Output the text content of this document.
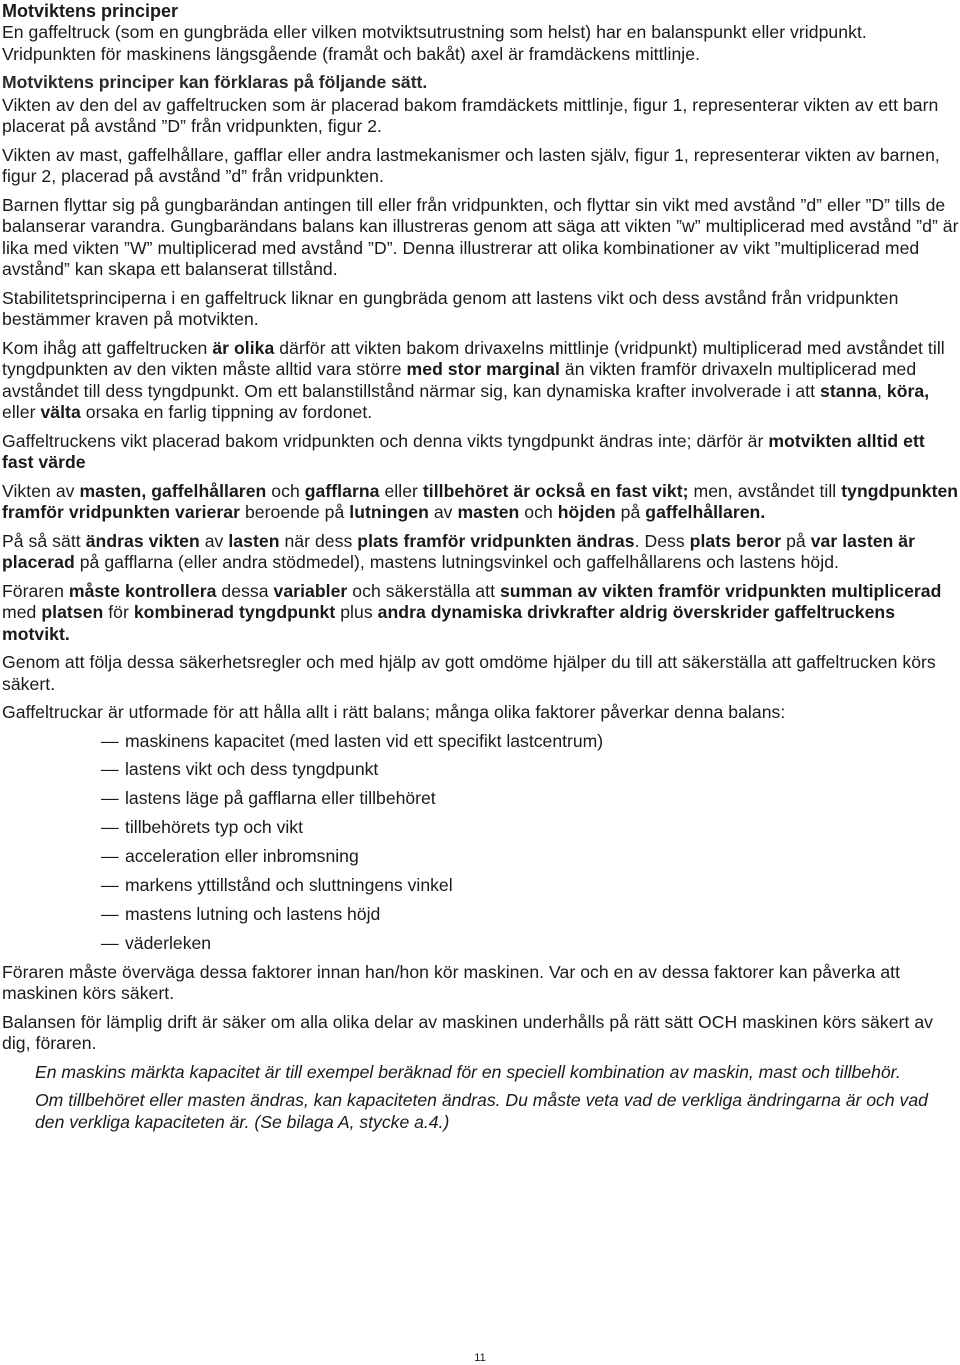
Motviktens principer

En gaffeltruck (som en gungbräda eller vilken motviktsutrustning som helst) har en balanspunkt eller vridpunkt. Vridpunkten för maskinens längsgående (framåt och bakåt) axel är framdäckens mittlinje.

Motviktens principer kan förklaras på följande sätt.

Vikten av den del av gaffeltrucken som är placerad bakom framdäckets mittlinje, figur 1, representerar vikten av ett barn placerat på avstånd ”D” från vridpunkten, figur 2.

Vikten av mast, gaffelhållare, gafflar eller andra lastmekanismer och lasten själv, figur 1, representerar vikten av barnen, figur 2, placerad på avstånd ”d” från vridpunkten.

Barnen flyttar sig på gungbarändan antingen till eller från vridpunkten, och flyttar sin vikt med avstånd ”d” eller ”D” tills de balanserar varandra. Gungbarändans balans kan illustreras genom att säga att vikten ”w” multiplicerad med avstånd ”d” är lika med vikten ”W” multiplicerad med avstånd ”D”. Denna illustrerar att olika kombinationer av vikt ”multiplicerad med avstånd” kan skapa ett balanserat tillstånd.

Stabilitetsprinciperna i en gaffeltruck liknar en gungbräda genom att lastens vikt och dess avstånd från vridpunkten bestämmer kraven på motvikten.

Kom ihåg att gaffeltrucken är olika därför att vikten bakom drivaxelns mittlinje (vridpunkt) multiplicerad med avståndet till tyngdpunkten av den vikten måste alltid vara större med stor marginal än vikten framför drivaxeln multiplicerad med avståndet till dess tyngdpunkt. Om ett balanstillstånd närmar sig, kan dynamiska krafter involverade i att stanna, köra, eller välta orsaka en farlig tippning av fordonet.

Gaffeltruckens vikt placerad bakom vridpunkten och denna vikts tyngdpunkt ändras inte; därför är motvikten alltid ett fast värde

Vikten av masten, gaffelhållaren och gafflarna eller tillbehöret är också en fast vikt; men, avståndet till tyngdpunkten framför vridpunkten varierar beroende på lutningen av masten och höjden på gaffelhållaren.

På så sätt ändras vikten av lasten när dess plats framför vridpunkten ändras. Dess plats beror på var lasten är placerad på gafflarna (eller andra stödmedel), mastens lutningsvinkel och gaffelhållarens och lastens höjd.

Föraren måste kontrollera dessa variabler och säkerställa att summan av vikten framför vridpunkten multiplicerad med platsen för kombinerad tyngdpunkt plus andra dynamiska drivkrafter aldrig överskrider gaffeltruckens motvikt.

Genom att följa dessa säkerhetsregler och med hjälp av gott omdöme hjälper du till att säkerställa att gaffeltrucken körs säkert.

Gaffeltruckar är utformade för att hålla allt i rätt balans; många olika faktorer påverkar denna balans:

— maskinens kapacitet (med lasten vid ett specifikt lastcentrum)
— lastens vikt och dess tyngdpunkt
— lastens läge på gafflarna eller tillbehöret
— tillbehörets typ och vikt
— acceleration eller inbromsning
— markens yttillstånd och sluttningens vinkel
— mastens lutning och lastens höjd
— väderleken

Föraren måste överväga dessa faktorer innan han/hon kör maskinen. Var och en av dessa faktorer kan påverka att maskinen körs säkert.

Balansen för lämplig drift är säker om alla olika delar av maskinen underhålls på rätt sätt OCH maskinen körs säkert av dig, föraren.

En maskins märkta kapacitet är till exempel beräknad för en speciell kombination av maskin, mast och tillbehör.

Om tillbehöret eller masten ändras, kan kapaciteten ändras. Du måste veta vad de verkliga ändringarna är och vad den verkliga kapaciteten är. (Se bilaga A, stycke a.4.)

11
